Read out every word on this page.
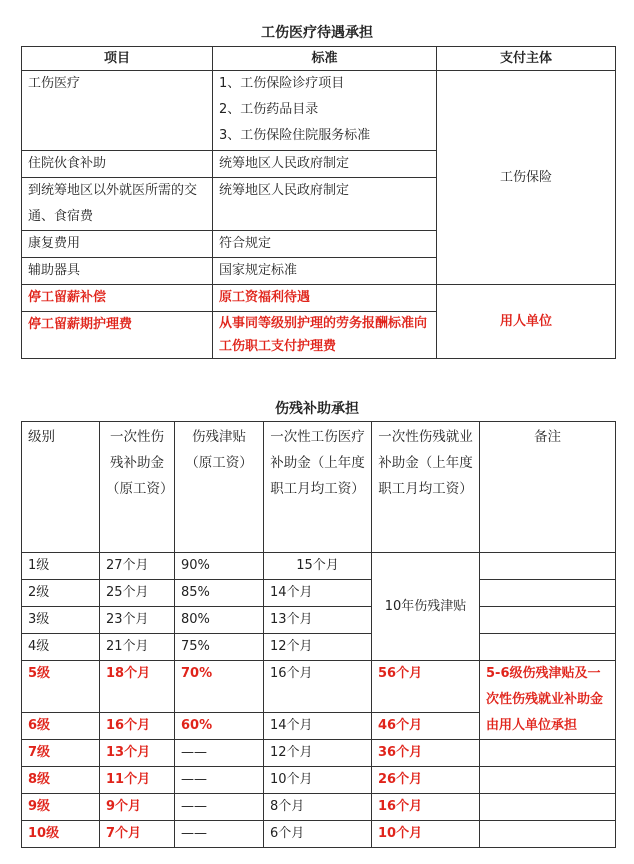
工伤医疗待遇承担
项目	标准	支付主体
工伤医疗	1、工伤保险诊疗项目
2、工伤药品目录
3、工伤保险住院服务标准	工伤保险
住院伙食补助	统筹地区人民政府制定	
到统筹地区以外就医所需的交通、食宿费	统筹地区人民政府制定	
康复费用	符合规定	
辅助器具	国家规定标准	
停工留薪补偿	原工资福利待遇	用人单位
停工留薪期护理费	从事同等级别护理的劳务报酬标准向工伤职工支付护理费	
伤残补助承担
级别	一次性伤残补助金（原工资）	伤残津贴（原工资）	一次性工伤医疗补助金（上年度职工月均工资）	一次性伤残就业补助金（上年度职工月均工资）	备注
1级	27个月	90%	15个月	10年伤残津贴	
2级	25个月	85%	14个月		
3级	23个月	80%	13个月		
4级	21个月	75%	12个月		
5级	18个月	70%	16个月	56个月	5-6级伤残津贴及一次性伤残就业补助金由用人单位承担
6级	16个月	60%	14个月	46个月	
7级	13个月	——	12个月	36个月	
8级	11个月	——	10个月	26个月	
9级	9个月	——	8个月	16个月	
10级	7个月	——	6个月	10个月	
